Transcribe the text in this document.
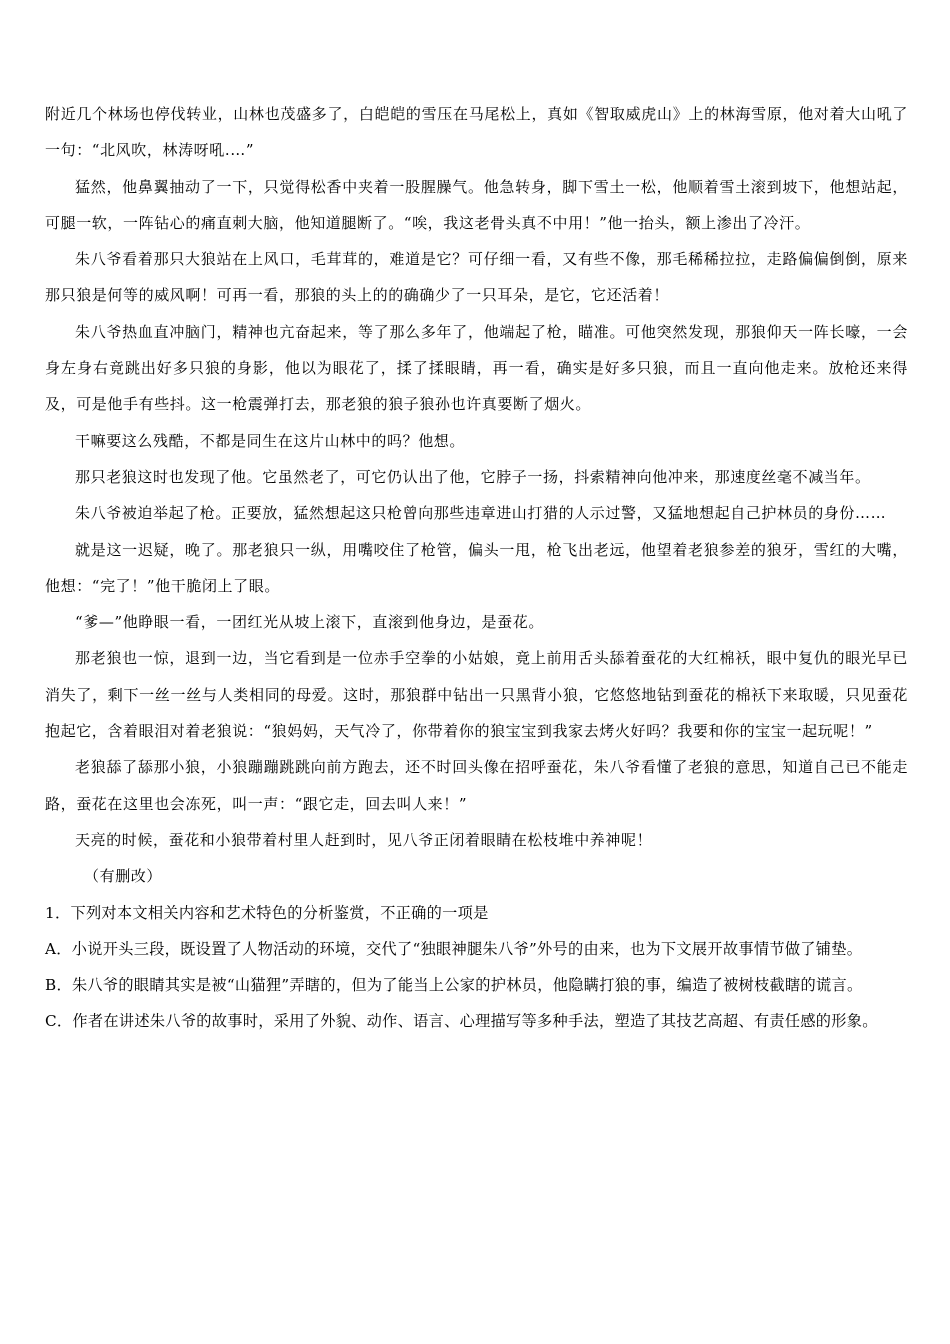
附近几个林场也停伐转业，山林也茂盛多了，白皑皑的雪压在马尾松上，真如《智取威虎山》上的林海雪原，他对着大山吼了一句：“北风吹，林涛呀吼.…”

猛然，他鼻翼抽动了一下，只觉得松香中夹着一股腥臊气。他急转身，脚下雪土一松，他顺着雪土滚到坡下，他想站起，可腿一软，一阵钻心的痛直刺大脑，他知道腿断了。“唉，我这老骨头真不中用！”他一抬头，额上渗出了冷汗。

朱八爷看着那只大狼站在上风口，毛茸茸的，难道是它？可仔细一看，又有些不像，那毛稀稀拉拉，走路偏偏倒倒，原来那只狼是何等的威风啊！可再一看，那狼的头上的的确确少了一只耳朵，是它，它还活着！

朱八爷热血直冲脑门，精神也亢奋起来，等了那么多年了，他端起了枪，瞄准。可他突然发现，那狼仰天一阵长嚎，一会身左身右竟跳出好多只狼的身影，他以为眼花了，揉了揉眼睛，再一看，确实是好多只狼，而且一直向他走来。放枪还来得及，可是他手有些抖。这一枪震弹打去，那老狼的狼子狼孙也许真要断了烟火。

干嘛要这么残酷，不都是同生在这片山林中的吗？他想。

那只老狼这时也发现了他。它虽然老了，可它仍认出了他，它脖子一扬，抖索精神向他冲来，那速度丝毫不减当年。

朱八爷被迫举起了枪。正要放，猛然想起这只枪曾向那些违章进山打猎的人示过警，又猛地想起自己护林员的身份……

就是这一迟疑，晚了。那老狼只一纵，用嘴咬住了枪管，偏头一甩，枪飞出老远，他望着老狼参差的狼牙，雪红的大嘴，他想：“完了！”他干脆闭上了眼。

“爹—”他睁眼一看，一团红光从坡上滚下，直滚到他身边，是蚕花。

那老狼也一惊，退到一边，当它看到是一位赤手空拳的小姑娘，竟上前用舌头舔着蚕花的大红棉袄，眼中复仇的眼光早已消失了，剩下一丝一丝与人类相同的母爱。这时，那狼群中钻出一只黑背小狼，它悠悠地钻到蚕花的棉袄下来取暖，只见蚕花抱起它，含着眼泪对着老狼说：“狼妈妈，天气冷了，你带着你的狼宝宝到我家去烤火好吗？我要和你的宝宝一起玩呢！”

老狼舔了舔那小狼，小狼蹦蹦跳跳向前方跑去，还不时回头像在招呼蚕花，朱八爷看懂了老狼的意思，知道自己已不能走路，蚕花在这里也会冻死，叫一声：“跟它走，回去叫人来！”

天亮的时候，蚕花和小狼带着村里人赶到时，见八爷正闭着眼睛在松枝堆中养神呢！

（有删改）

1．下列对本文相关内容和艺术特色的分析鉴赏，不正确的一项是

A．小说开头三段，既设置了人物活动的环境，交代了“独眼神腿朱八爷”外号的由来，也为下文展开故事情节做了铺垫。

B．朱八爷的眼睛其实是被“山猫狸”弄瞎的，但为了能当上公家的护林员，他隐瞒打狼的事，编造了被树枝截瞎的谎言。

C．作者在讲述朱八爷的故事时，采用了外貌、动作、语言、心理描写等多种手法，塑造了其技艺高超、有责任感的形象。
